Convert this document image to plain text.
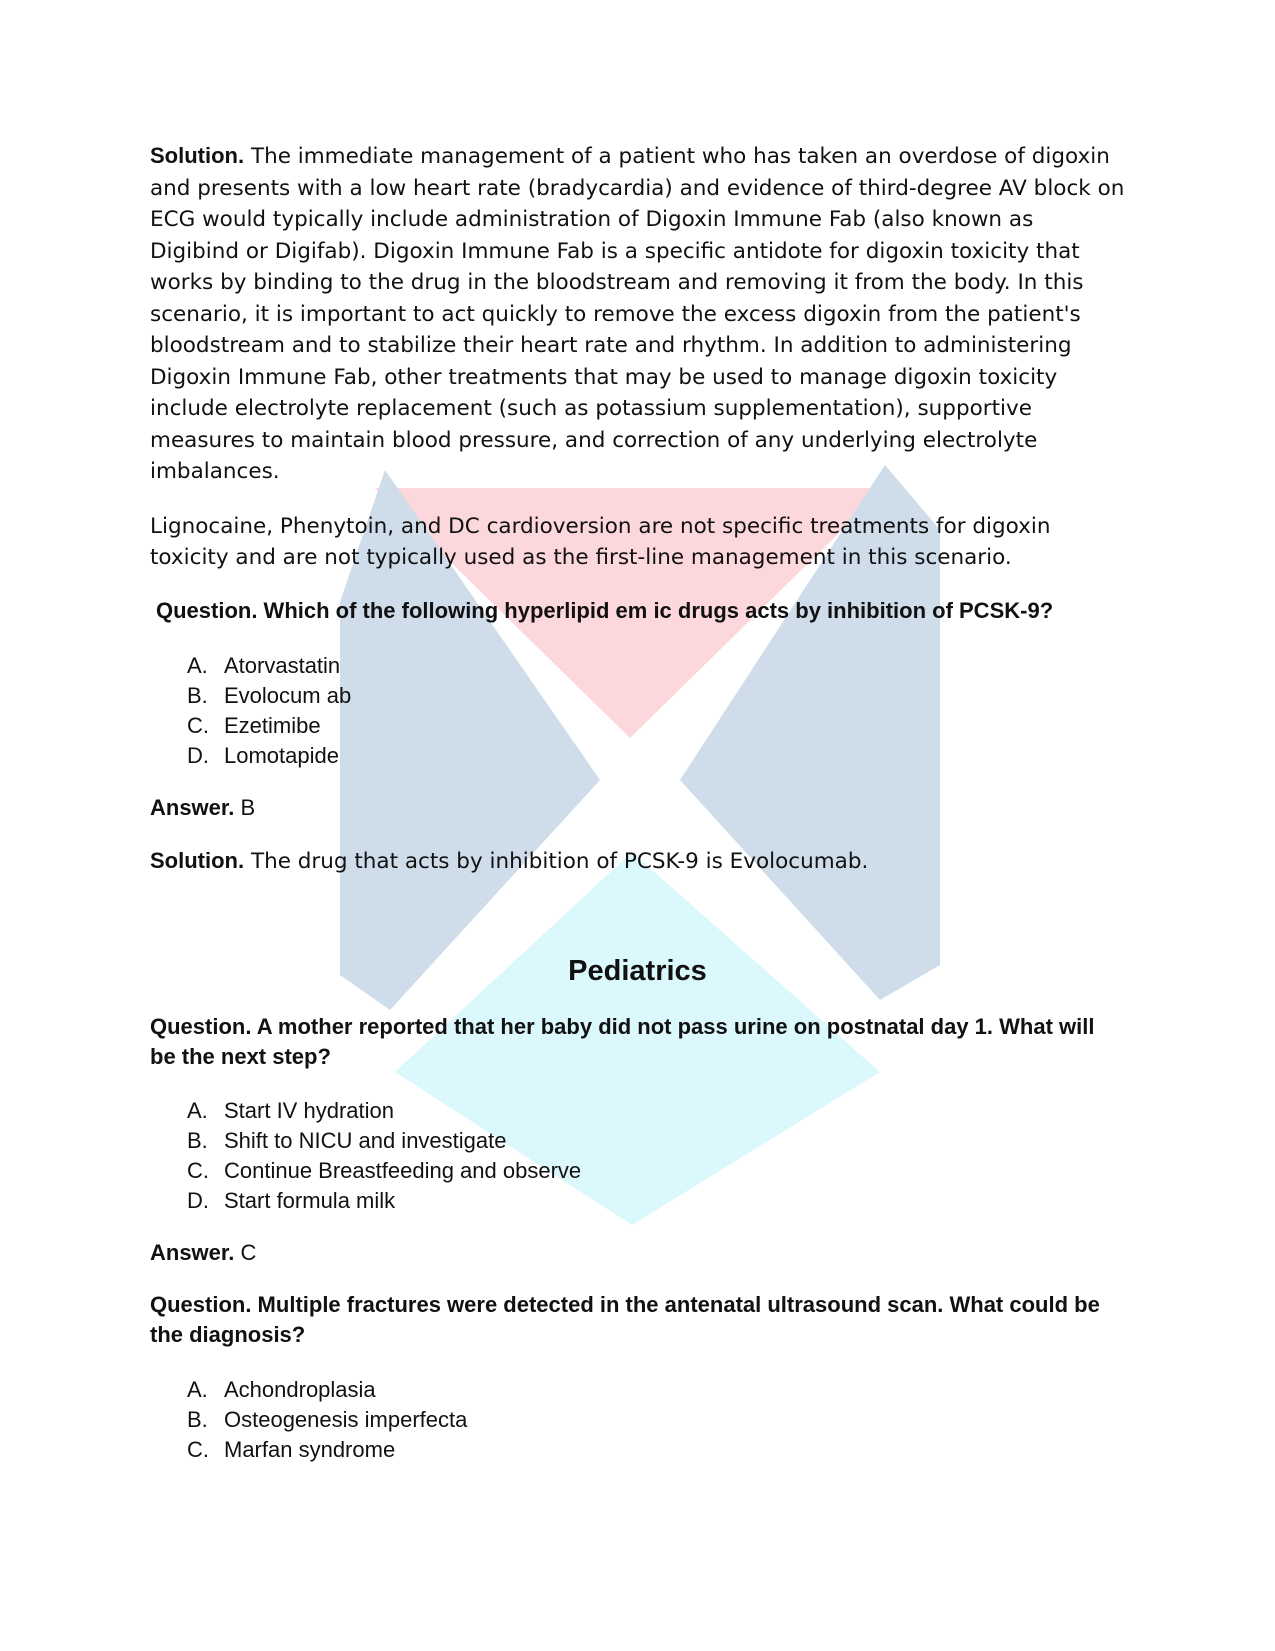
Solution. The immediate management of a patient who has taken an overdose of digoxin and presents with a low heart rate (bradycardia) and evidence of third-degree AV block on ECG would typically include administration of Digoxin Immune Fab (also known as Digibind or Digifab). Digoxin Immune Fab is a specific antidote for digoxin toxicity that works by binding to the drug in the bloodstream and removing it from the body. In this scenario, it is important to act quickly to remove the excess digoxin from the patient's bloodstream and to stabilize their heart rate and rhythm. In addition to administering Digoxin Immune Fab, other treatments that may be used to manage digoxin toxicity include electrolyte replacement (such as potassium supplementation), supportive measures to maintain blood pressure, and correction of any underlying electrolyte imbalances.

Lignocaine, Phenytoin, and DC cardioversion are not specific treatments for digoxin toxicity and are not typically used as the first-line management in this scenario.

Question. Which of the following hyperlipid em ic drugs acts by inhibition of PCSK-9?

A. Atorvastatin
B. Evolocum ab
C. Ezetimibe
D. Lomotapide

Answer. B

Solution. The drug that acts by inhibition of PCSK-9 is Evolocumab.

Pediatrics

Question. A mother reported that her baby did not pass urine on postnatal day 1. What will be the next step?

A. Start IV hydration
B. Shift to NICU and investigate
C. Continue Breastfeeding and observe
D. Start formula milk

Answer. C

Question. Multiple fractures were detected in the antenatal ultrasound scan. What could be the diagnosis?

A. Achondroplasia
B. Osteogenesis imperfecta
C. Marfan syndrome
